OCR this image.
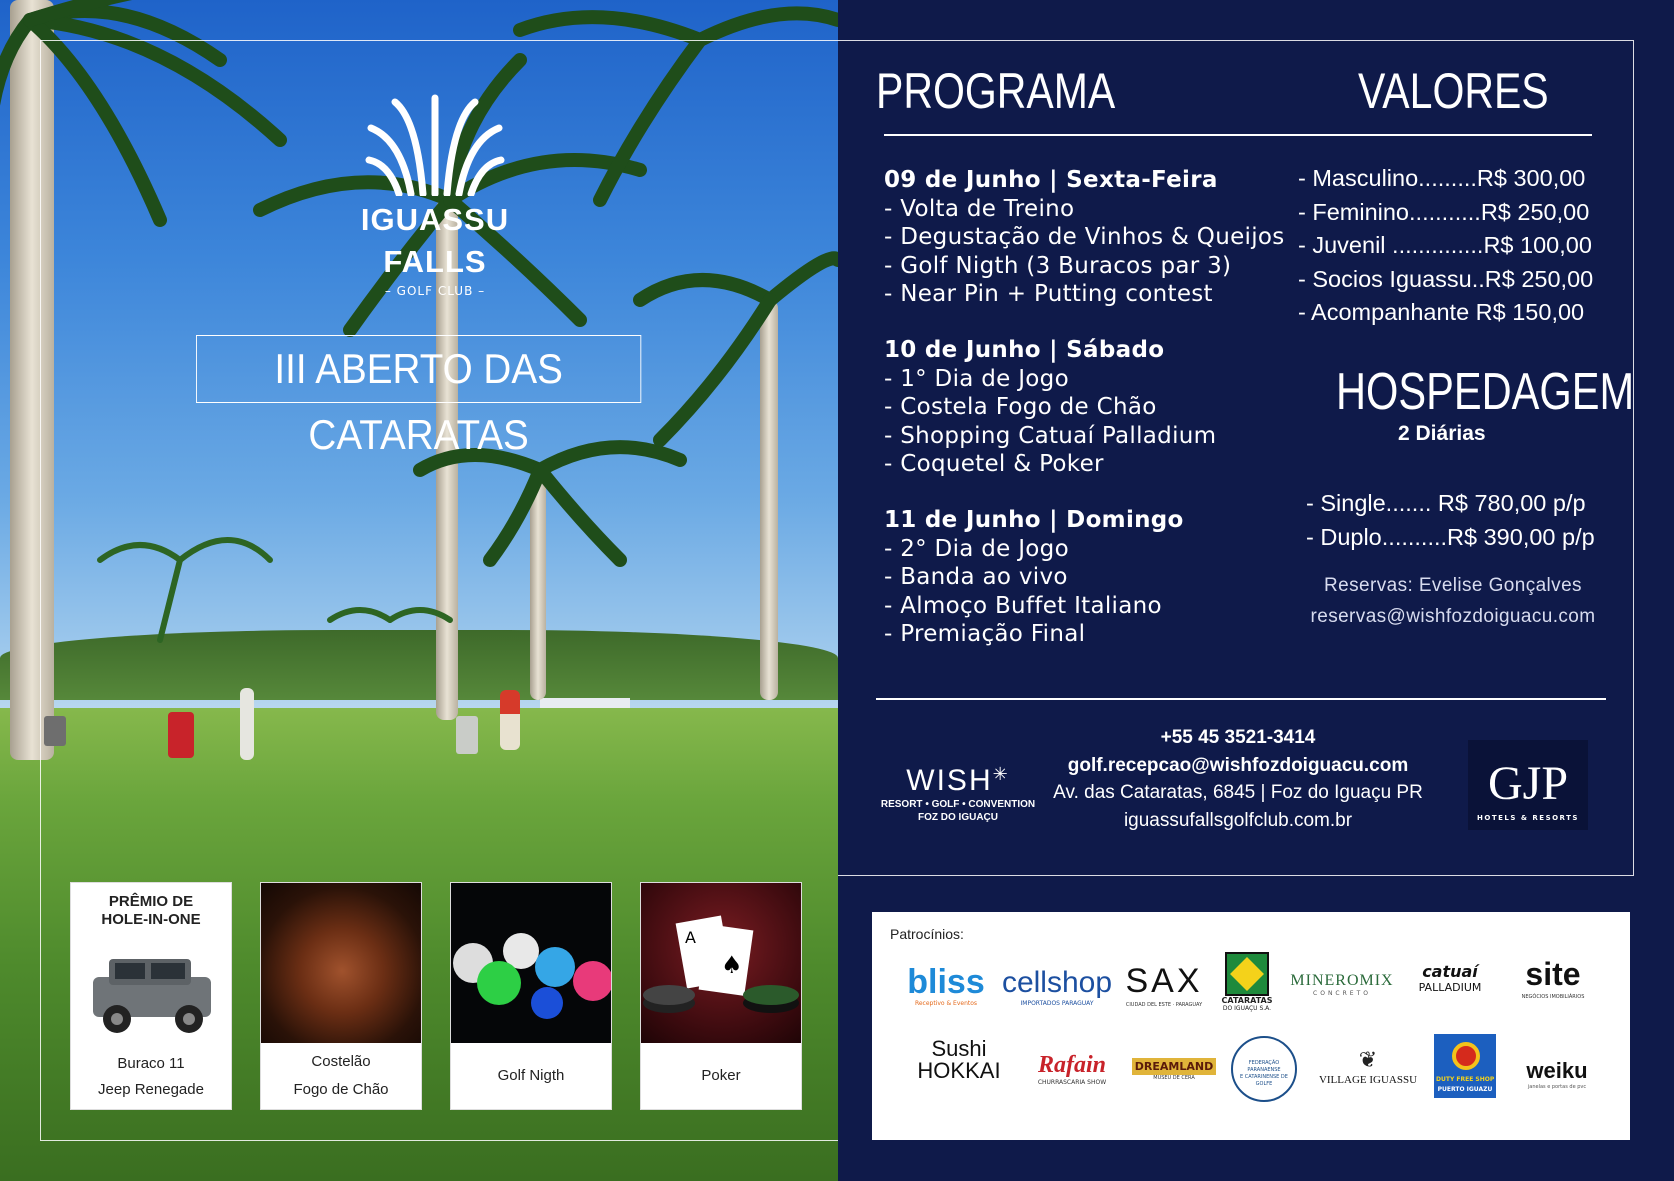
IGUASSU
FALLS
– GOLF CLUB –
III ABERTO DAS CATARATAS
PRÊMIO DE
HOLE-IN-ONE
Buraco 11
Jeep Renegade
Costelão
Fogo de Chão
Golf Nigth
A
♠
Poker
PROGRAMA	VALORES
09 de Junho | Sexta-Feira
- Volta de Treino
- Degustação de Vinhos & Queijos
- Golf Nigth (3 Buracos par 3)
- Near Pin + Putting contest
10 de Junho | Sábado
- 1° Dia de Jogo
- Costela Fogo de Chão
- Shopping Catuaí Palladium
- Coquetel & Poker
11 de Junho | Domingo
- 2° Dia de Jogo
- Banda ao vivo
- Almoço Buffet Italiano
- Premiação Final
- Masculino.........R$ 300,00
- Feminino...........R$ 250,00
- Juvenil ..............R$ 100,00
- Socios Iguassu..R$ 250,00
- Acompanhante R$ 150,00
HOSPEDAGEM
2 Diárias
- Single....... R$ 780,00 p/p
- Duplo..........R$ 390,00 p/p
Reservas: Evelise Gonçalves
reservas@wishfozdoiguacu.com
WISH✳
RESORT • GOLF • CONVENTION
FOZ DO IGUAÇU
+55 45 3521-3414
golf.recepcao@wishfozdoiguacu.com
Av. das Cataratas, 6845 | Foz do Iguaçu PR
iguassufallsgolfclub.com.br
GJP
HOTELS & RESORTS
Patrocínios:
bliss
Receptivo & Eventos
cellshop
IMPORTADOS PARAGUAY
SAX
CIUDAD DEL ESTE · PARAGUAY	CATARATAS
DO IGUAÇU S.A.
MINEROMIX
CONCRETO
catuaí
PALLADIUM	site
NEGÓCIOS IMOBILIÁRIOS
Sushi HOKKAI	Rafain
CHURRASCARIA SHOW
DREAMLAND
MUSEU DE CERA
FEDERAÇÃO PARANAENSE
E CATARINENSE DE GOLFE
❦
VILLAGE IGUASSU	DUTY FREE SHOP
PUERTO IGUAZU
weiku
janelas e portas de pvc
